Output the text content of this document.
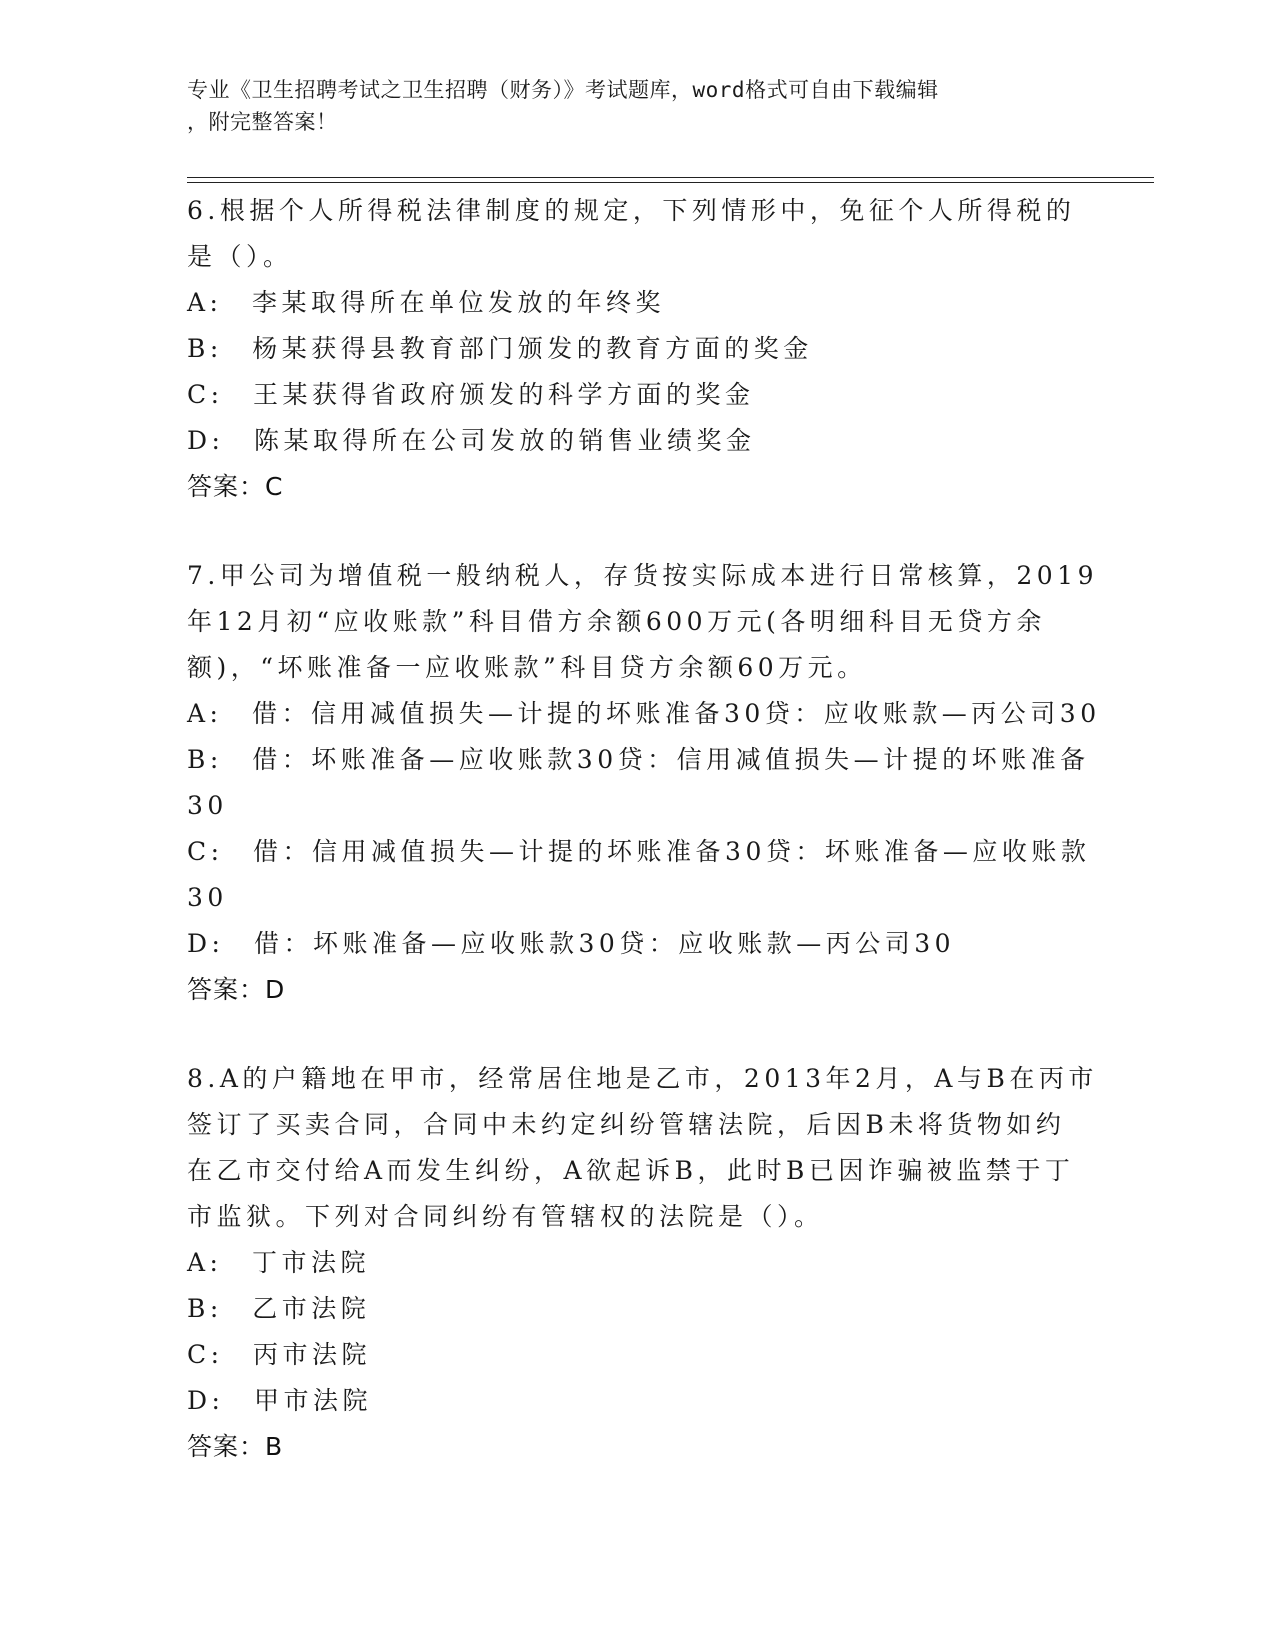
专业《卫生招聘考试之卫生招聘（财务）》考试题库，word格式可自由下载编辑
，附完整答案！
6.根据个人所得税法律制度的规定，下列情形中，免征个人所得税的
是（）。
A:　李某取得所在单位发放的年终奖
B:　杨某获得县教育部门颁发的教育方面的奖金
C:　王某获得省政府颁发的科学方面的奖金
D:　陈某取得所在公司发放的销售业绩奖金
答案：C
7.甲公司为增值税一般纳税人，存货按实际成本进行日常核算，2019
年12月初“应收账款”科目借方余额600万元(各明细科目无贷方余
额)，“坏账准备一应收账款”科目贷方余额60万元。
A:　借：信用减值损失—计提的坏账准备30贷：应收账款—丙公司30
B:　借：坏账准备—应收账款30贷：信用减值损失—计提的坏账准备
30
C:　借：信用减值损失—计提的坏账准备30贷：坏账准备—应收账款
30
D:　借：坏账准备—应收账款30贷：应收账款—丙公司30
答案：D
8.A的户籍地在甲市，经常居住地是乙市，2013年2月，A与B在丙市
签订了买卖合同，合同中未约定纠纷管辖法院，后因B未将货物如约
在乙市交付给A而发生纠纷，A欲起诉B，此时B已因诈骗被监禁于丁
市监狱。下列对合同纠纷有管辖权的法院是（）。
A:　丁市法院
B:　乙市法院
C:　丙市法院
D:　甲市法院
答案：B
